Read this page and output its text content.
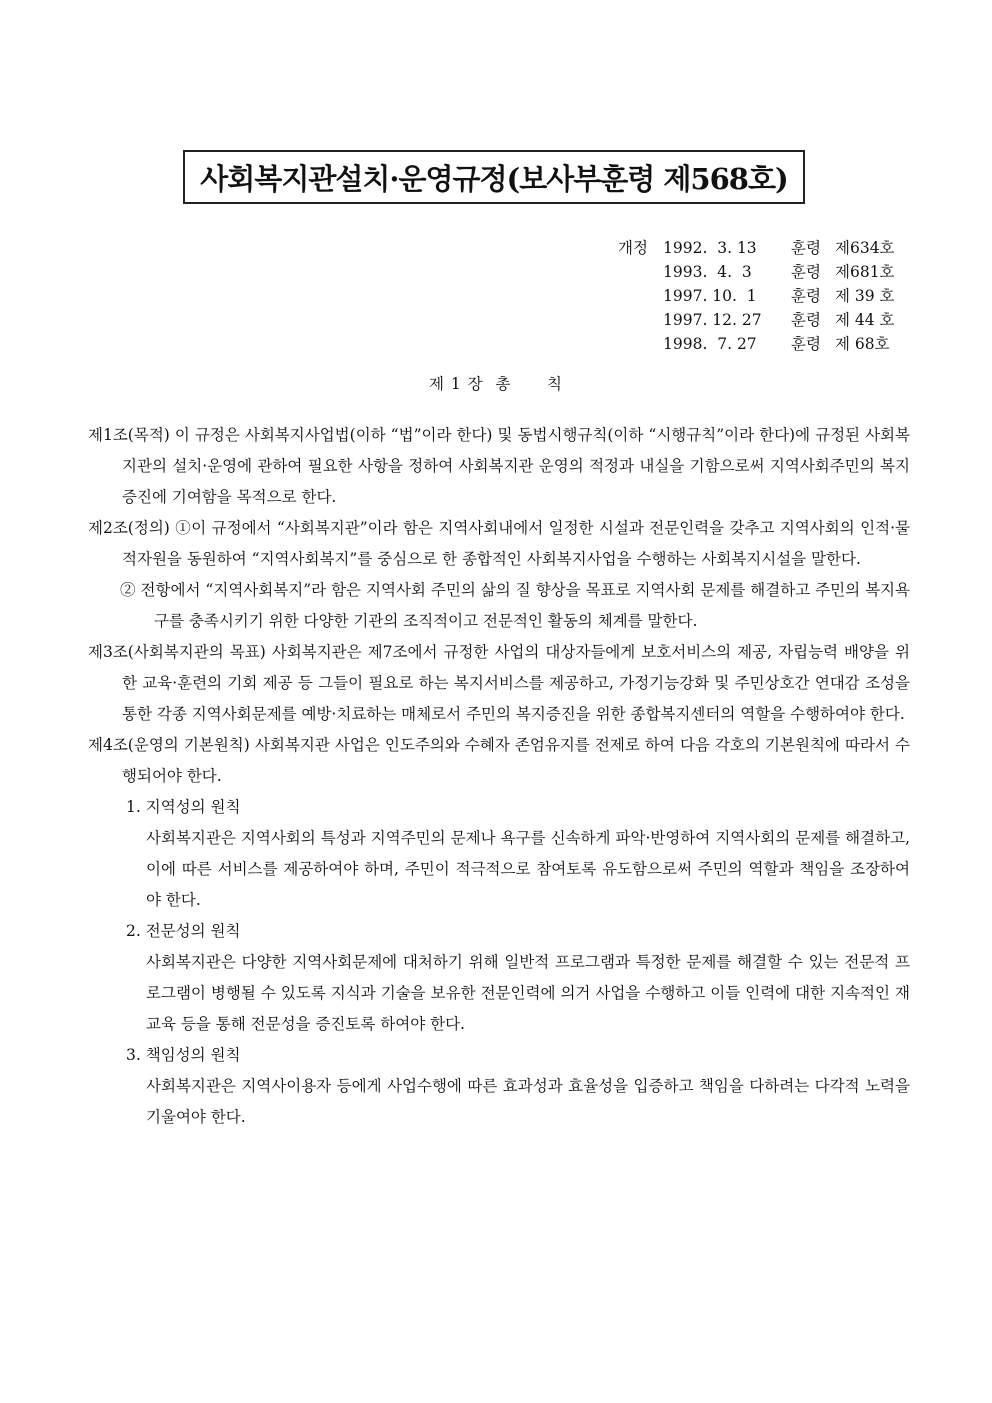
사회복지관설치·운영규정(보사부훈령 제568호)
개정 1992.  3. 13	훈령 제634호
1993.  4.  3	훈령 제681호
1997. 10.  1	훈령 제 39 호
1997. 12. 27	훈령 제 44 호
1998.  7. 27	훈령 제 68호
제 1 장  총      칙
제1조(목적) 이 규정은 사회복지사업법(이하 “법”이라 한다) 및 동법시행규칙(이하 “시행규칙”이라 한다)에 규정된 사회복지관의 설치·운영에 관하여 필요한 사항을 정하여 사회복지관 운영의 적정과 내실을 기함으로써 지역사회주민의 복지증진에 기여함을 목적으로 한다.
제2조(정의) ①이 규정에서 “사회복지관”이라 함은 지역사회내에서 일정한 시설과 전문인력을 갖추고 지역사회의 인적·물적자원을 동원하여 “지역사회복지”를 중심으로 한 종합적인 사회복지사업을 수행하는 사회복지시설을 말한다.
② 전항에서 “지역사회복지”라 함은 지역사회 주민의 삶의 질 향상을 목표로 지역사회 문제를 해결하고 주민의 복지욕구를 충족시키기 위한 다양한 기관의 조직적이고 전문적인 활동의 체계를 말한다.
제3조(사회복지관의 목표) 사회복지관은 제7조에서 규정한 사업의 대상자들에게 보호서비스의 제공, 자립능력 배양을 위한 교육·훈련의 기회 제공 등 그들이 필요로 하는 복지서비스를 제공하고, 가정기능강화 및 주민상호간 연대감 조성을 통한 각종 지역사회문제를 예방·치료하는 매체로서 주민의 복지증진을 위한 종합복지센터의 역할을 수행하여야 한다.
제4조(운영의 기본원칙) 사회복지관 사업은 인도주의와 수혜자 존엄유지를 전제로 하여 다음 각호의 기본원칙에 따라서 수행되어야 한다.
1. 지역성의 원칙
사회복지관은 지역사회의 특성과 지역주민의 문제나 욕구를 신속하게 파악·반영하여 지역사회의 문제를 해결하고, 이에 따른 서비스를 제공하여야 하며, 주민이 적극적으로 참여토록 유도함으로써 주민의 역할과 책임을 조장하여야 한다.
2. 전문성의 원칙
사회복지관은 다양한 지역사회문제에 대처하기 위해 일반적 프로그램과 특정한 문제를 해결할 수 있는 전문적 프로그램이 병행될 수 있도록 지식과 기술을 보유한 전문인력에 의거 사업을 수행하고 이들 인력에 대한 지속적인 재교육 등을 통해 전문성을 증진토록 하여야 한다.
3. 책임성의 원칙
사회복지관은 지역사이용자 등에게 사업수행에 따른 효과성과 효율성을 입증하고 책임을 다하려는 다각적 노력을 기울여야 한다.
